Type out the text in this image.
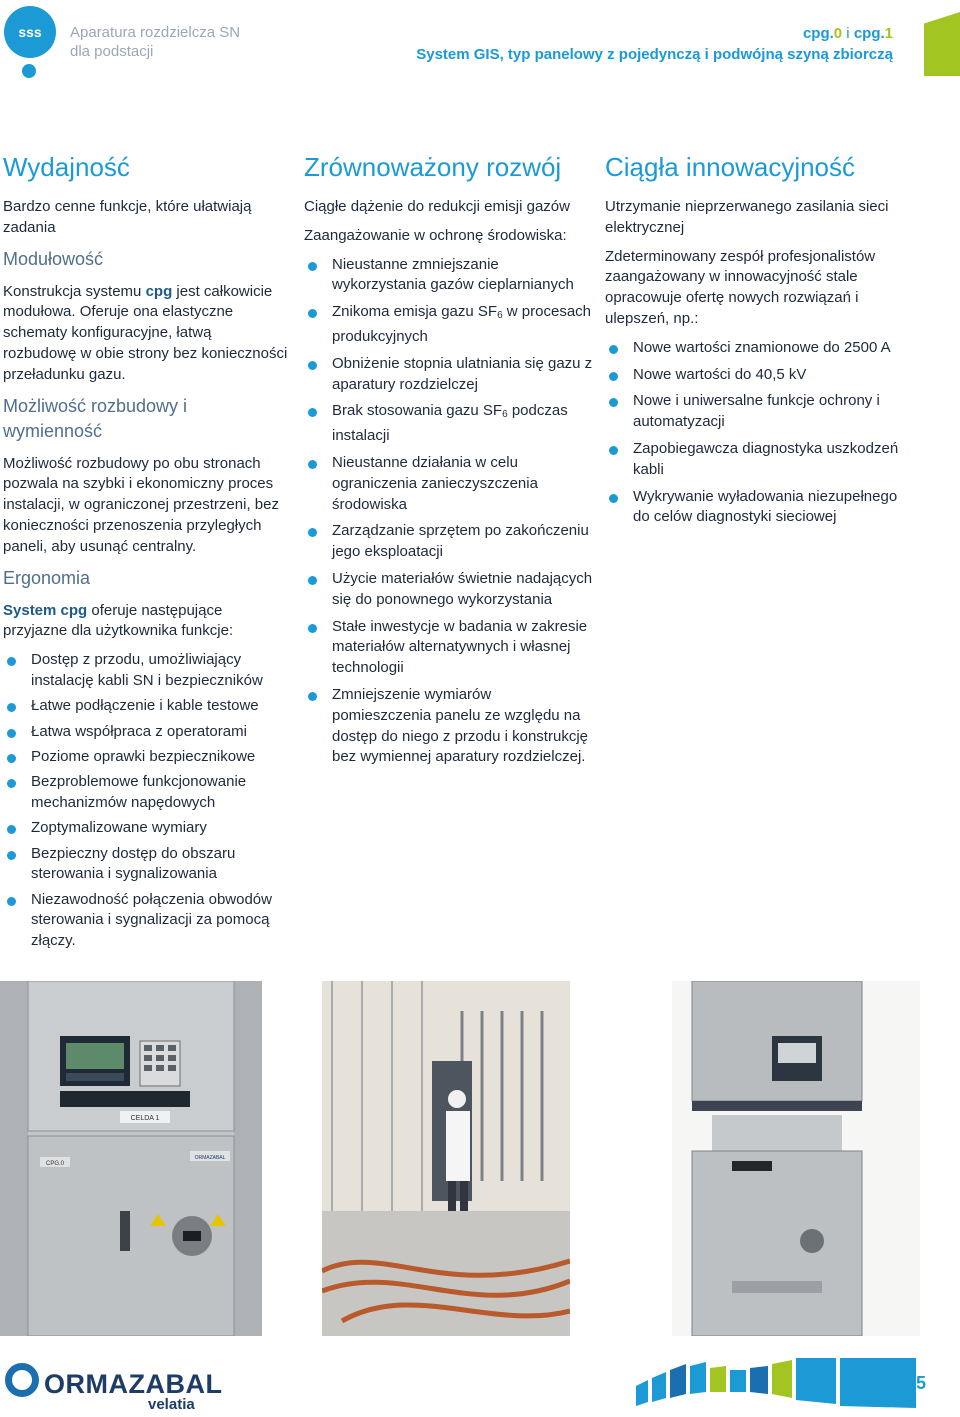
sss	Aparatura rozdzielcza SN
dla podstacji
cpg.0 i cpg.1
System GIS, typ panelowy z pojedynczą i podwójną szyną zbiorczą
Wydajność

Bardzo cenne funkcje, które ułatwiają zadania

Modułowość

Konstrukcja systemu cpg jest całkowicie modułowa. Oferuje ona elastyczne schematy konfiguracyjne, łatwą rozbudowę w obie strony bez konieczności przeładunku gazu.

Możliwość rozbudowy i wymienność

Możliwość rozbudowy po obu stronach pozwala na szybki i ekonomiczny proces instalacji, w ograniczonej przestrzeni, bez konieczności przenoszenia przyległych paneli, aby usunąć centralny.

Ergonomia

System cpg oferuje następujące przyjazne dla użytkownika funkcje:

Dostęp z przodu, umożliwiający instalację kabli SN i bezpieczników
Łatwe podłączenie i kable testowe
Łatwa współpraca z operatorami
Poziome oprawki bezpiecznikowe
Bezproblemowe funkcjonowanie mechanizmów napędowych
Zoptymalizowane wymiary
Bezpieczny dostęp do obszaru sterowania i sygnalizowania
Niezawodność połączenia obwodów sterowania i sygnalizacji za pomocą złączy.
Zrównoważony rozwój

Ciągłe dążenie do redukcji emisji gazów

Zaangażowanie w ochronę środowiska:

Nieustanne zmniejszanie wykorzystania gazów cieplarnianych
Znikoma emisja gazu $SF_6$ w procesach produkcyjnych
Obniżenie stopnia ulatniania się gazu z aparatury rozdzielczej
Brak stosowania gazu $SF_6$ podczas instalacji
Nieustanne działania w celu ograniczenia zanieczyszczenia środowiska
Zarządzanie sprzętem po zakończeniu jego eksploatacji
Użycie materiałów świetnie nadających się do ponownego wykorzystania
Stałe inwestycje w badania w zakresie materiałów alternatywnych i własnej technologii
Zmniejszenie wymiarów pomieszczenia panelu ze względu na dostęp do niego z przodu i konstrukcję bez wymiennej aparatury rozdzielczej.
Ciągła innowacyjność

Utrzymanie nieprzerwanego zasilania sieci elektrycznej

Zdeterminowany zespół profesjonalistów zaangażowany w innowacyjność stale opracowuje ofertę nowych rozwiązań i ulepszeń, np.:

Nowe wartości znamionowe do 2500 A
Nowe wartości do 40,5 kV
Nowe i uniwersalne funkcje ochrony i automatyzacji
Zapobiegawcza diagnostyka uszkodzeń kabli
Wykrywanie wyładowania niezupełnego do celów diagnostyki sieciowej
CELDA 1
ORMAZABAL
CPG.0
ORMAZABAL
velatia
5
